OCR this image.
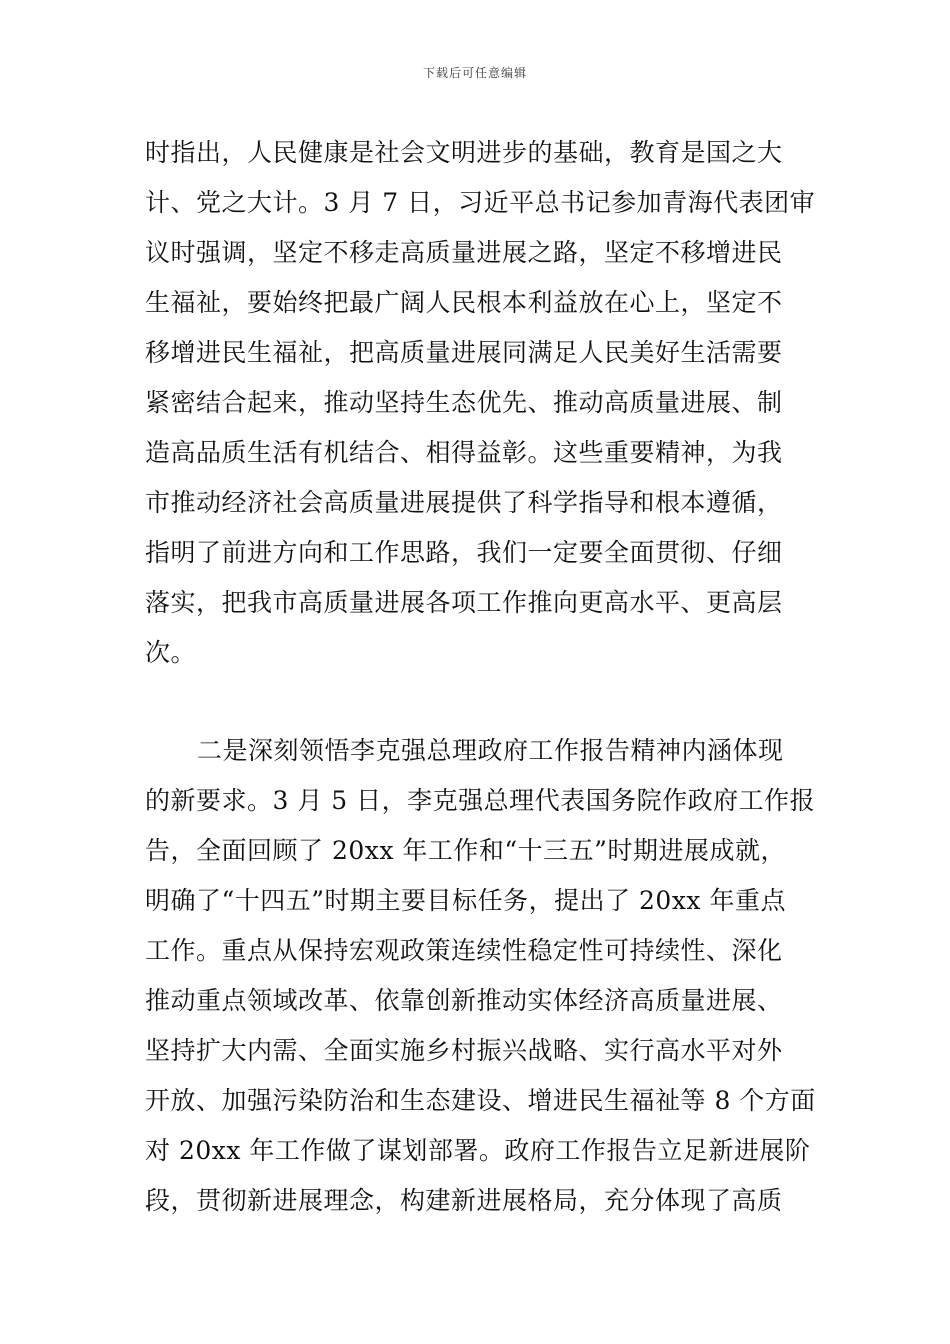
下载后可任意编辑
时指出，人民健康是社会文明进步的基础，教育是国之大
计、党之大计。3 月 7 日，习近平总书记参加青海代表团审
议时强调，坚定不移走高质量进展之路，坚定不移增进民
生福祉，要始终把最广阔人民根本利益放在心上，坚定不
移增进民生福祉，把高质量进展同满足人民美好生活需要
紧密结合起来，推动坚持生态优先、推动高质量进展、制
造高品质生活有机结合、相得益彰。这些重要精神，为我
市推动经济社会高质量进展提供了科学指导和根本遵循，
指明了前进方向和工作思路，我们一定要全面贯彻、仔细
落实，把我市高质量进展各项工作推向更高水平、更高层
次。
二是深刻领悟李克强总理政府工作报告精神内涵体现
的新要求。3 月 5 日，李克强总理代表国务院作政府工作报
告，全面回顾了 20xx 年工作和“十三五”时期进展成就，
明确了“十四五”时期主要目标任务，提出了 20xx 年重点
工作。重点从保持宏观政策连续性稳定性可持续性、深化
推动重点领域改革、依靠创新推动实体经济高质量进展、
坚持扩大内需、全面实施乡村振兴战略、实行高水平对外
开放、加强污染防治和生态建设、增进民生福祉等 8 个方面
对 20xx 年工作做了谋划部署。政府工作报告立足新进展阶
段，贯彻新进展理念，构建新进展格局，充分体现了高质
